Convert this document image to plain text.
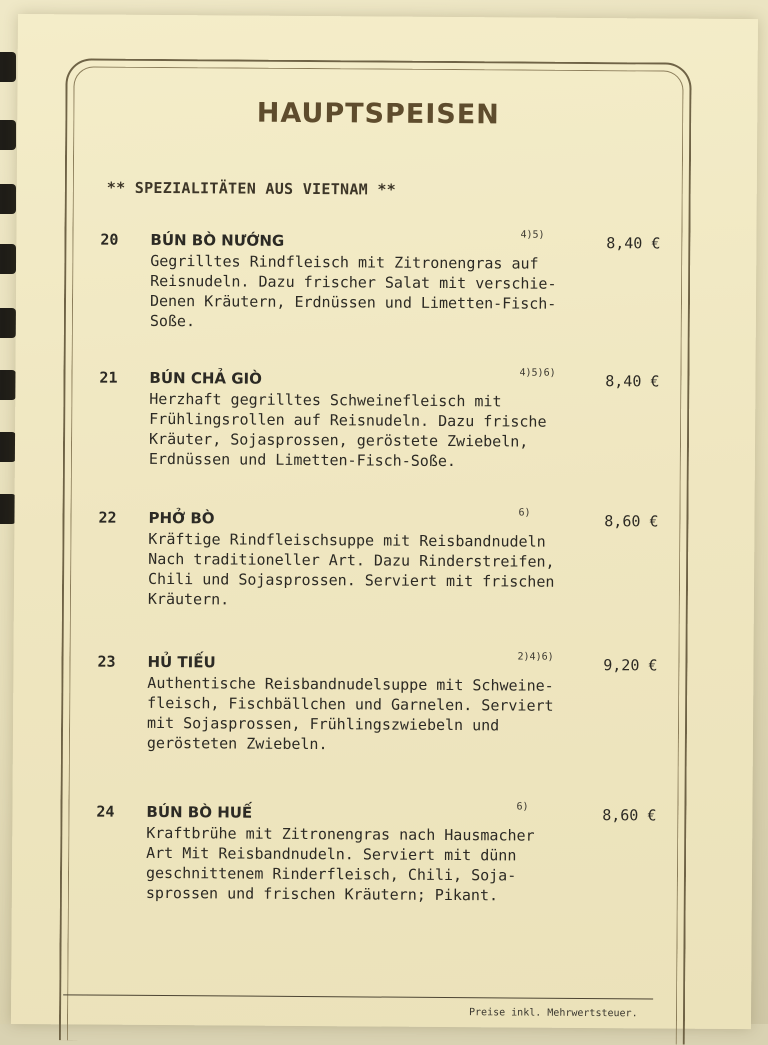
HAUPTSPEISEN
** SPEZIALITÄTEN AUS VIETNAM **
20 BÚN BÒ NƯỚNG	4)5)	8,40 €
Gegrilltes Rindfleisch mit Zitronengras auf
Reisnudeln. Dazu frischer Salat mit verschie-
Denen Kräutern, Erdnüssen und Limetten-Fisch-
Soße.
21 BÚN CHẢ GIÒ	4)5)6)	8,40 €
Herzhaft gegrilltes Schweinefleisch mit
Frühlingsrollen auf Reisnudeln. Dazu frische
Kräuter, Sojasprossen, geröstete Zwiebeln,
Erdnüssen und Limetten-Fisch-Soße.
22 PHỞ BÒ	6)	8,60 €
Kräftige Rindfleischsuppe mit Reisbandnudeln
Nach traditioneller Art. Dazu Rinderstreifen,
Chili und Sojasprossen. Serviert mit frischen
Kräutern.
23 HỦ TIẾU	2)4)6)	9,20 €
Authentische Reisbandnudelsuppe mit Schweine-
fleisch, Fischbällchen und Garnelen. Serviert
mit Sojasprossen, Frühlingszwiebeln und
gerösteten Zwiebeln.
24 BÚN BÒ HUẾ	6)	8,60 €
Kraftbrühe mit Zitronengras nach Hausmacher
Art Mit Reisbandnudeln. Serviert mit dünn
geschnittenem Rinderfleisch, Chili, Soja-
sprossen und frischen Kräutern; Pikant.
Preise inkl. Mehrwertsteuer.
